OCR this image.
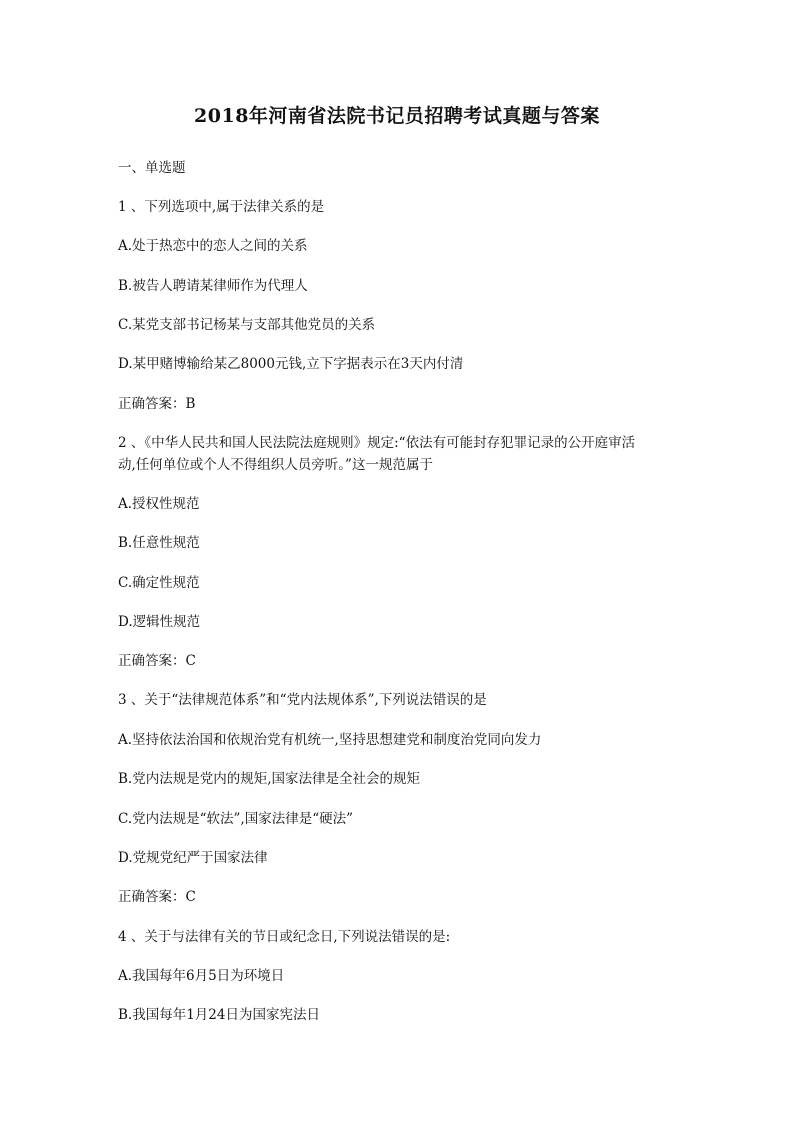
2018年河南省法院书记员招聘考试真题与答案
一、单选题
1 、下列选项中,属于法律关系的是
A.处于热恋中的恋人之间的关系
B.被告人聘请某律师作为代理人
C.某党支部书记杨某与支部其他党员的关系
D.某甲赌博输给某乙8000元钱,立下字据表示在3天内付清
正确答案：B
2 、《中华人民共和国人民法院法庭规则》规定:“依法有可能封存犯罪记录的公开庭审活
动,任何单位或个人不得组织人员旁听。”这一规范属于
A.授权性规范
B.任意性规范
C.确定性规范
D.逻辑性规范
正确答案：C
3 、关于“法律规范体系”和“党内法规体系”,下列说法错误的是
A.坚持依法治国和依规治党有机统一,坚持思想建党和制度治党同向发力
B.党内法规是党内的规矩,国家法律是全社会的规矩
C.党内法规是“软法”,国家法律是“硬法”
D.党规党纪严于国家法律
正确答案：C
4 、关于与法律有关的节日或纪念日,下列说法错误的是:
A.我国每年6月5日为环境日
B.我国每年1月24日为国家宪法日
